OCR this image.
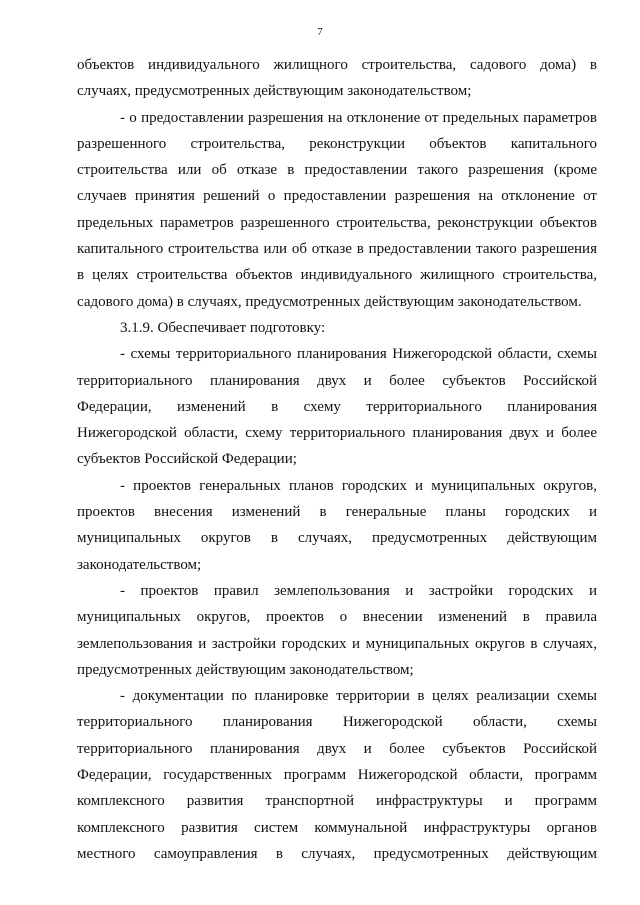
7
объектов индивидуального жилищного строительства, садового дома) в
случаях, предусмотренных действующим законодательством;
- о предоставлении разрешения на отклонение от предельных параметров
разрешенного строительства, реконструкции объектов капитального
строительства или об отказе в предоставлении такого разрешения (кроме
случаев принятия решений о предоставлении разрешения на отклонение от
предельных параметров разрешенного строительства, реконструкции объектов
капитального строительства или об отказе в предоставлении такого разрешения
в целях строительства объектов индивидуального жилищного строительства,
садового дома) в случаях, предусмотренных действующим законодательством.
3.1.9. Обеспечивает подготовку:
- схемы территориального планирования Нижегородской области, схемы
территориального планирования двух и более субъектов Российской
Федерации, изменений в схему территориального планирования
Нижегородской области, схему территориального планирования двух и более
субъектов Российской Федерации;
- проектов генеральных планов городских и муниципальных округов,
проектов внесения изменений в генеральные планы городских и
муниципальных округов в случаях, предусмотренных действующим
законодательством;
- проектов правил землепользования и застройки городских и
муниципальных округов, проектов о внесении изменений в правила
землепользования и застройки городских и муниципальных округов в случаях,
предусмотренных действующим законодательством;
- документации по планировке территории в целях реализации схемы
территориального планирования Нижегородской области, схемы
территориального планирования двух и более субъектов Российской
Федерации, государственных программ Нижегородской области, программ
комплексного развития транспортной инфраструктуры и программ
комплексного развития систем коммунальной инфраструктуры органов
местного самоуправления в случаях, предусмотренных действующим
